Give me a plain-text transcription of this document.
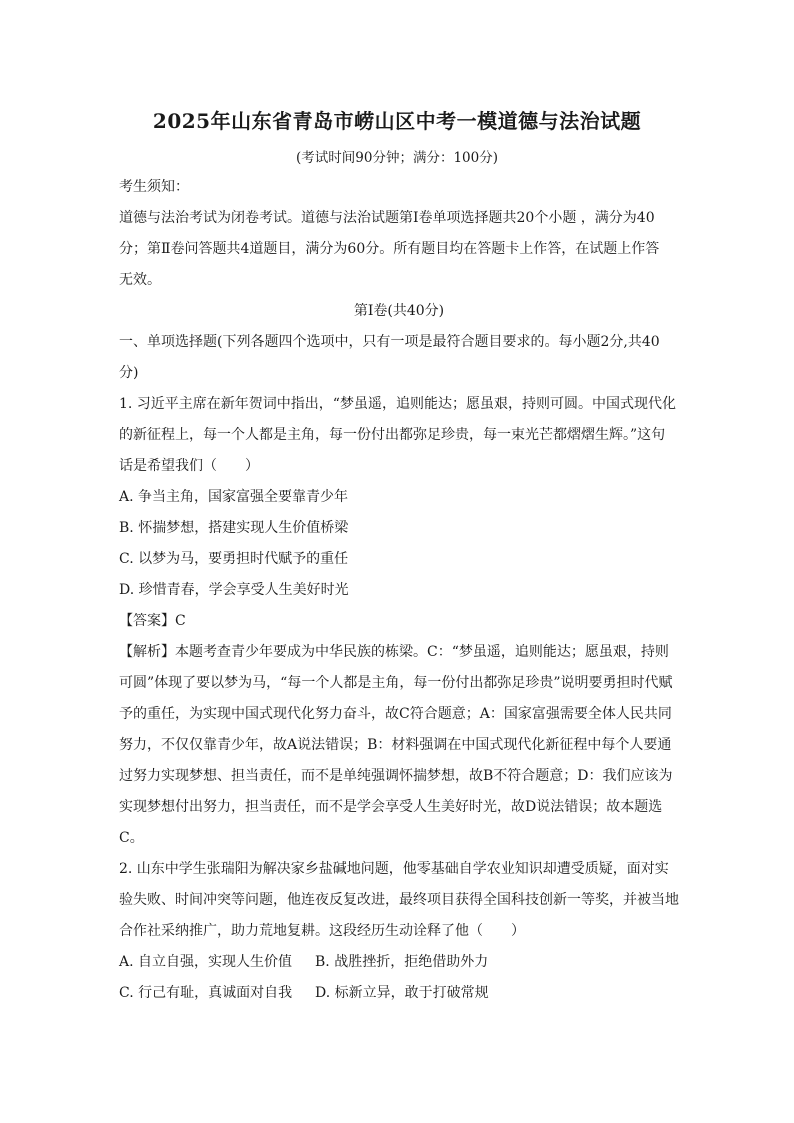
2025年山东省青岛市崂山区中考一模道德与法治试题
(考试时间90分钟；满分：100分)

考生须知：

道德与法治考试为闭卷考试。道德与法治试题第Ⅰ卷单项选择题共20个小题 ，满分为40

分；第Ⅱ卷问答题共4道题目，满分为60分。所有题目均在答题卡上作答，在试题上作答

无效。

第Ⅰ卷(共40分)

一、单项选择题(下列各题四个选项中，只有一项是最符合题目要求的。每小题2分,共40

分)

1. 习近平主席在新年贺词中指出，“梦虽遥，追则能达；愿虽艰，持则可圆。中国式现代化

的新征程上，每一个人都是主角，每一份付出都弥足珍贵，每一束光芒都熠熠生辉。”这句

话是希望我们（　　）

A. 争当主角，国家富强全要靠青少年

B. 怀揣梦想，搭建实现人生价值桥梁

C. 以梦为马，要勇担时代赋予的重任

D. 珍惜青春，学会享受人生美好时光

【答案】C

【解析】本题考查青少年要成为中华民族的栋梁。C：“梦虽遥，追则能达；愿虽艰，持则

可圆”体现了要以梦为马，“每一个人都是主角，每一份付出都弥足珍贵”说明要勇担时代赋

予的重任，为实现中国式现代化努力奋斗，故C符合题意；A：国家富强需要全体人民共同

努力，不仅仅靠青少年，故A说法错误；B：材料强调在中国式现代化新征程中每个人要通

过努力实现梦想、担当责任，而不是单纯强调怀揣梦想，故B不符合题意；D：我们应该为

实现梦想付出努力，担当责任，而不是学会享受人生美好时光，故D说法错误；故本题选

C。

2. 山东中学生张瑞阳为解决家乡盐碱地问题，他零基础自学农业知识却遭受质疑，面对实

验失败、时间冲突等问题，他连夜反复改进，最终项目获得全国科技创新一等奖，并被当地

合作社采纳推广，助力荒地复耕。这段经历生动诠释了他（　　）

A. 自立自强，实现人生价值	B. 战胜挫折，拒绝借助外力
C. 行己有耻，真诚面对自我	D. 标新立异，敢于打破常规
